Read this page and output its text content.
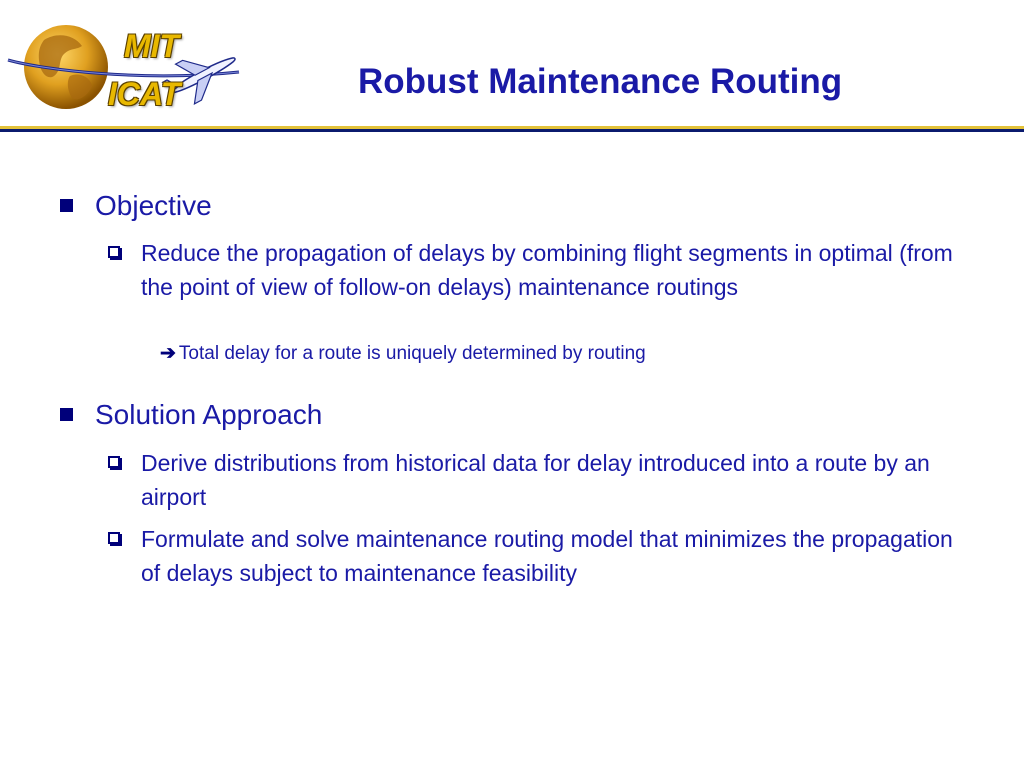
MIT
ICAT	Robust Maintenance Routing
Objective
Reduce the propagation of delays by combining flight segments in optimal (from the point of view of follow-on delays) maintenance routings
➔ Total delay for a route is uniquely determined by routing
Solution Approach
Derive distributions from historical data for delay introduced into a route by an airport
Formulate and solve maintenance routing model that minimizes the propagation of delays subject to maintenance feasibility
